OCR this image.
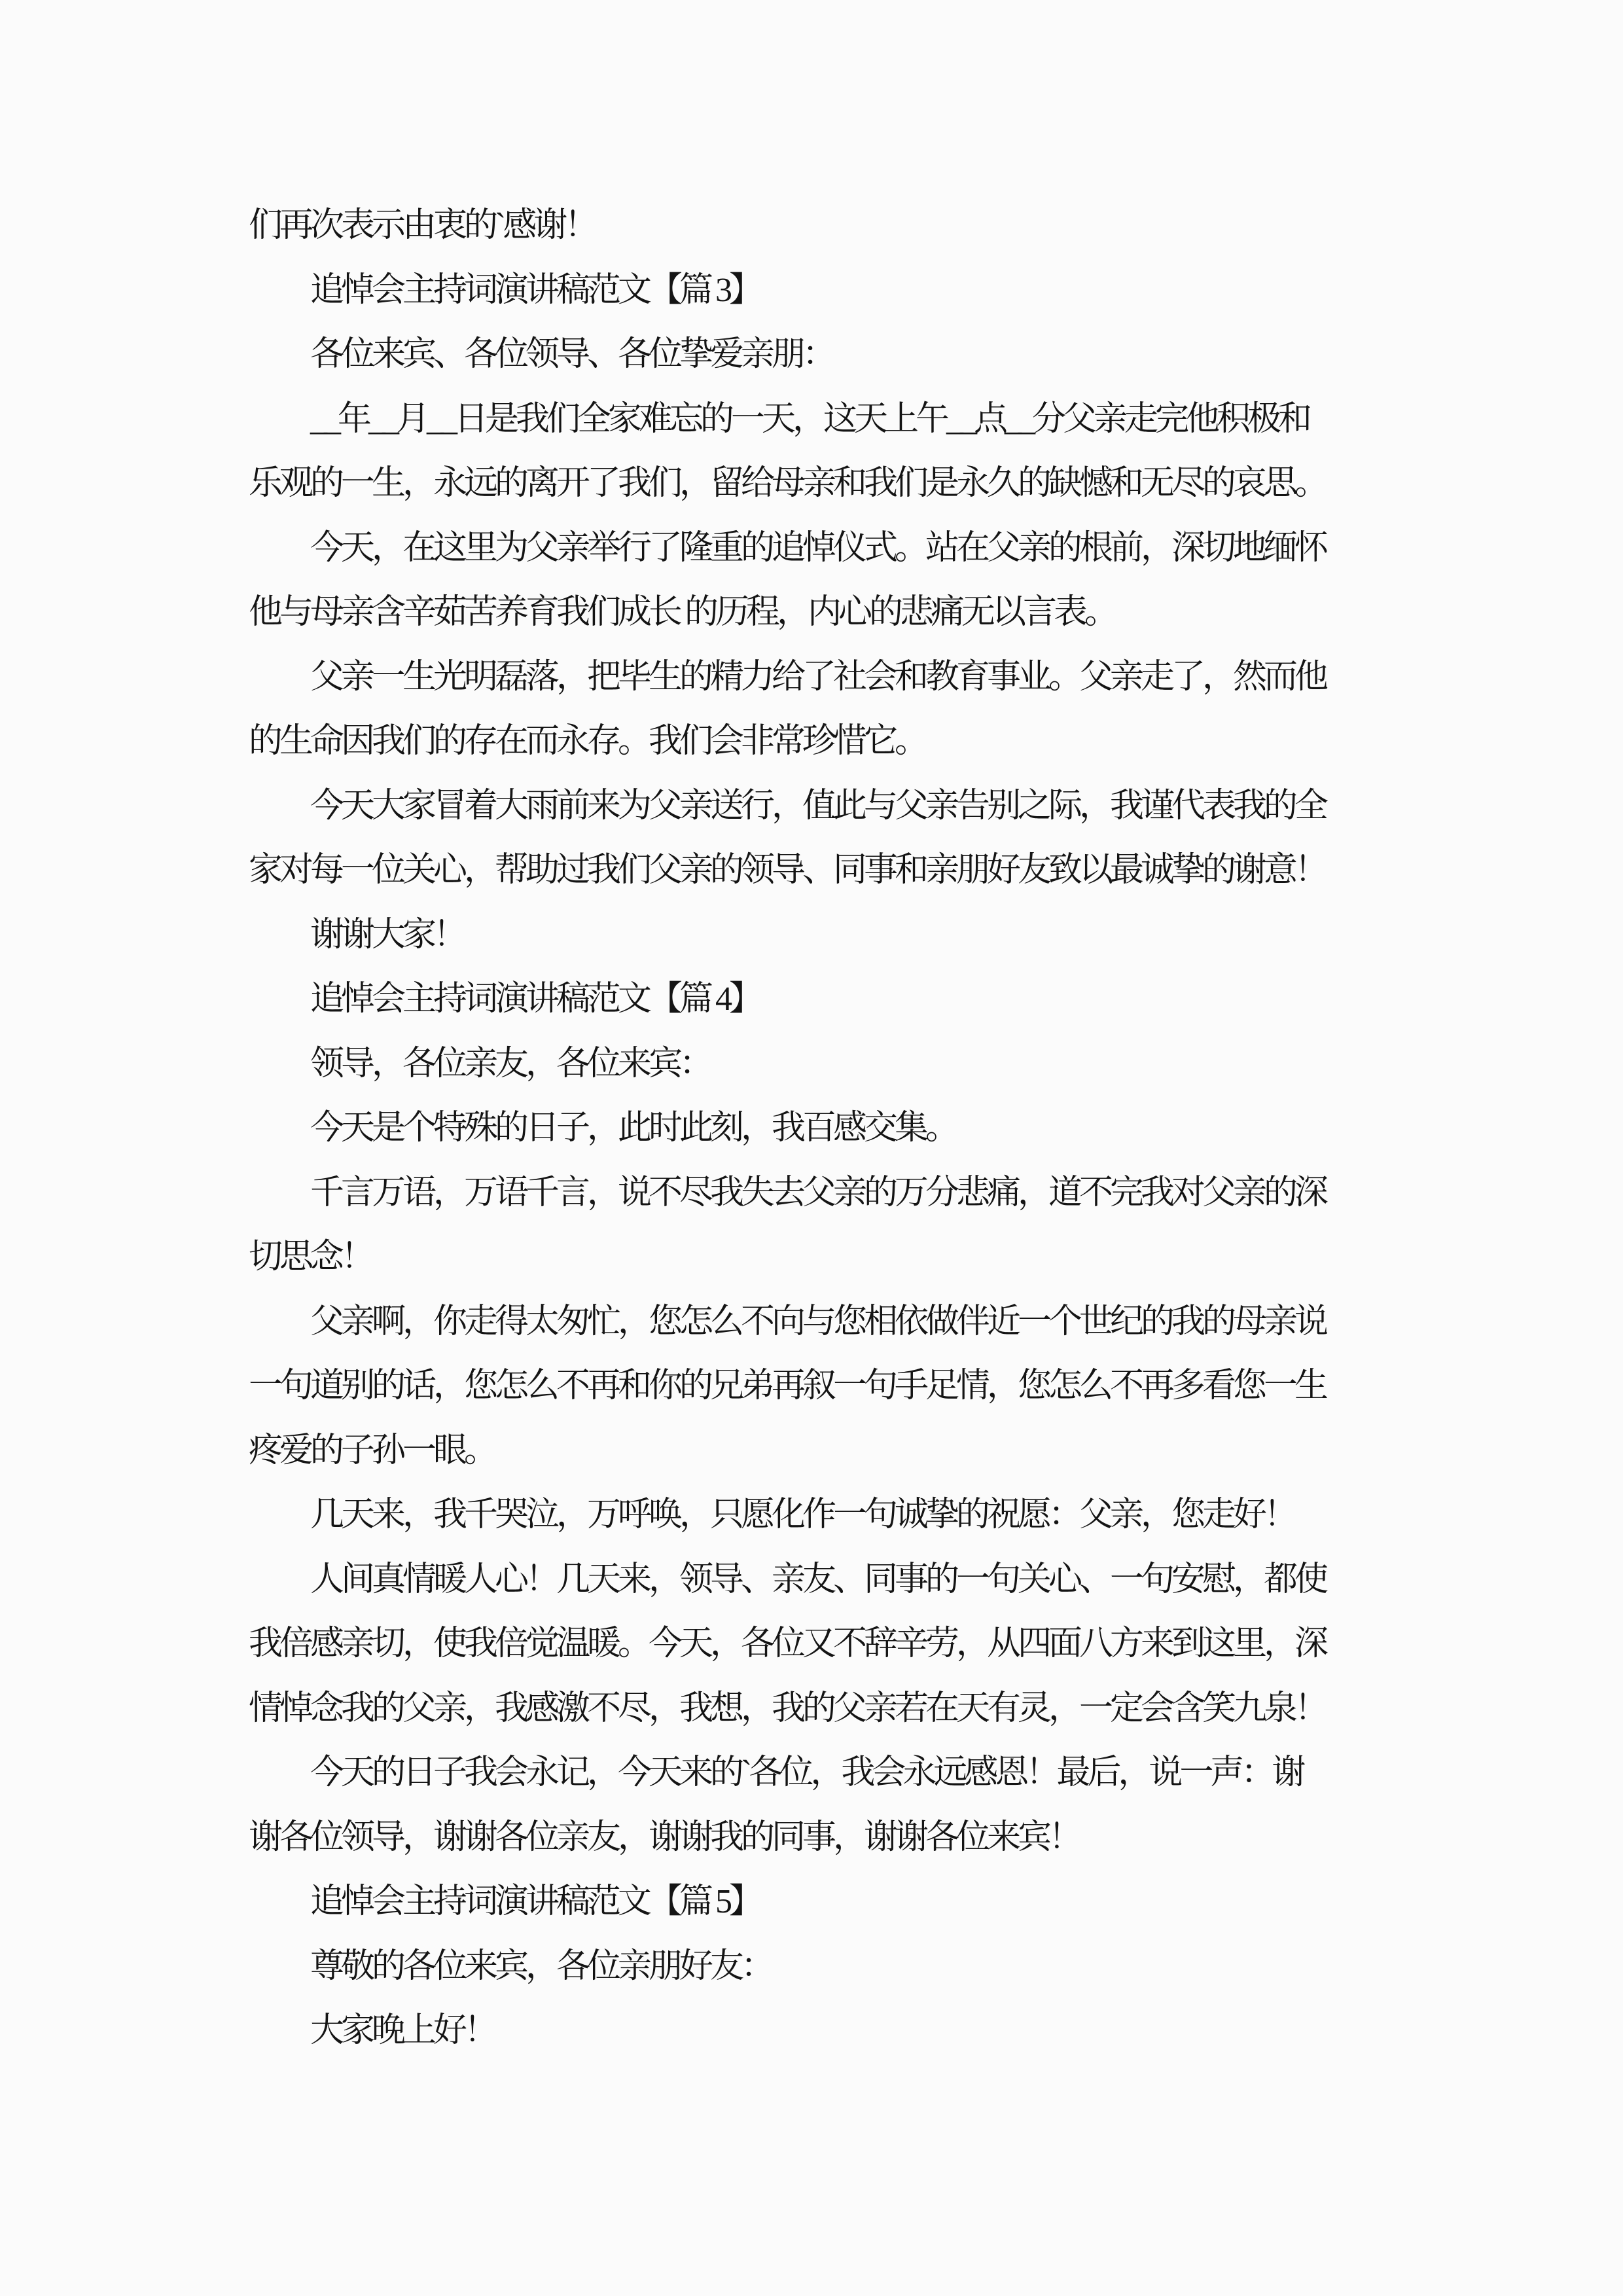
们再次表示由衷的`感谢！
追悼会主持词演讲稿范文【篇 3】
各位来宾、各位领导、各位挚爱亲朋：
__年__月__日是我们全家难忘的一天，这天上午__点__分父亲走完他积极和
乐观的一生，永远的离开了我们，留给母亲和我们是永久的缺憾和无尽的哀思。
今天，在这里为父亲举行了隆重的追悼仪式。站在父亲的根前，深切地缅怀
他与母亲含辛茹苦养育我们成长 的历程，内心的悲痛无以言表。
父亲一生光明磊落，把毕生的精力给了社会和教育事业。父亲走了，然而他
的生命因我们的存在而永存。我们会非常珍惜它。
今天大家冒着大雨前来为父亲送行，值此与父亲告别之际，我谨代表我的全
家对每一位关心，帮助过我们父亲的领导、同事和亲朋好友致以最诚挚的谢意！
谢谢大家！
追悼会主持词演讲稿范文【篇 4】
领导，各位亲友，各位来宾：
今天是个特殊的日子，此时此刻，我百感交集。
千言万语，万语千言，说不尽我失去父亲的万分悲痛，道不完我对父亲的深
切思念！
父亲啊，你走得太匆忙，您怎么不向与您相依做伴近一个世纪的我的母亲说
一句道别的话，您怎么不再和你的兄弟再叙一句手足情，您怎么不再多看您一生
疼爱的子孙一眼。
几天来，我千哭泣，万呼唤，只愿化作一句诚挚的祝愿：父亲，您走好！
人间真情暖人心！几天来，领导、亲友、同事的一句关心、一句安慰，都使
我倍感亲切，使我倍觉温暖。今天，各位又不辞辛劳，从四面八方来到这里，深
情悼念我的父亲，我感激不尽，我想，我的父亲若在天有灵，一定会含笑九泉！
今天的日子我会永记，今天来的`各位，我会永远感恩！最后，说一声：谢
谢各位领导，谢谢各位亲友，谢谢我的同事，谢谢各位来宾！
追悼会主持词演讲稿范文【篇 5】
尊敬的各位来宾，各位亲朋好友：
大家晚上好！
